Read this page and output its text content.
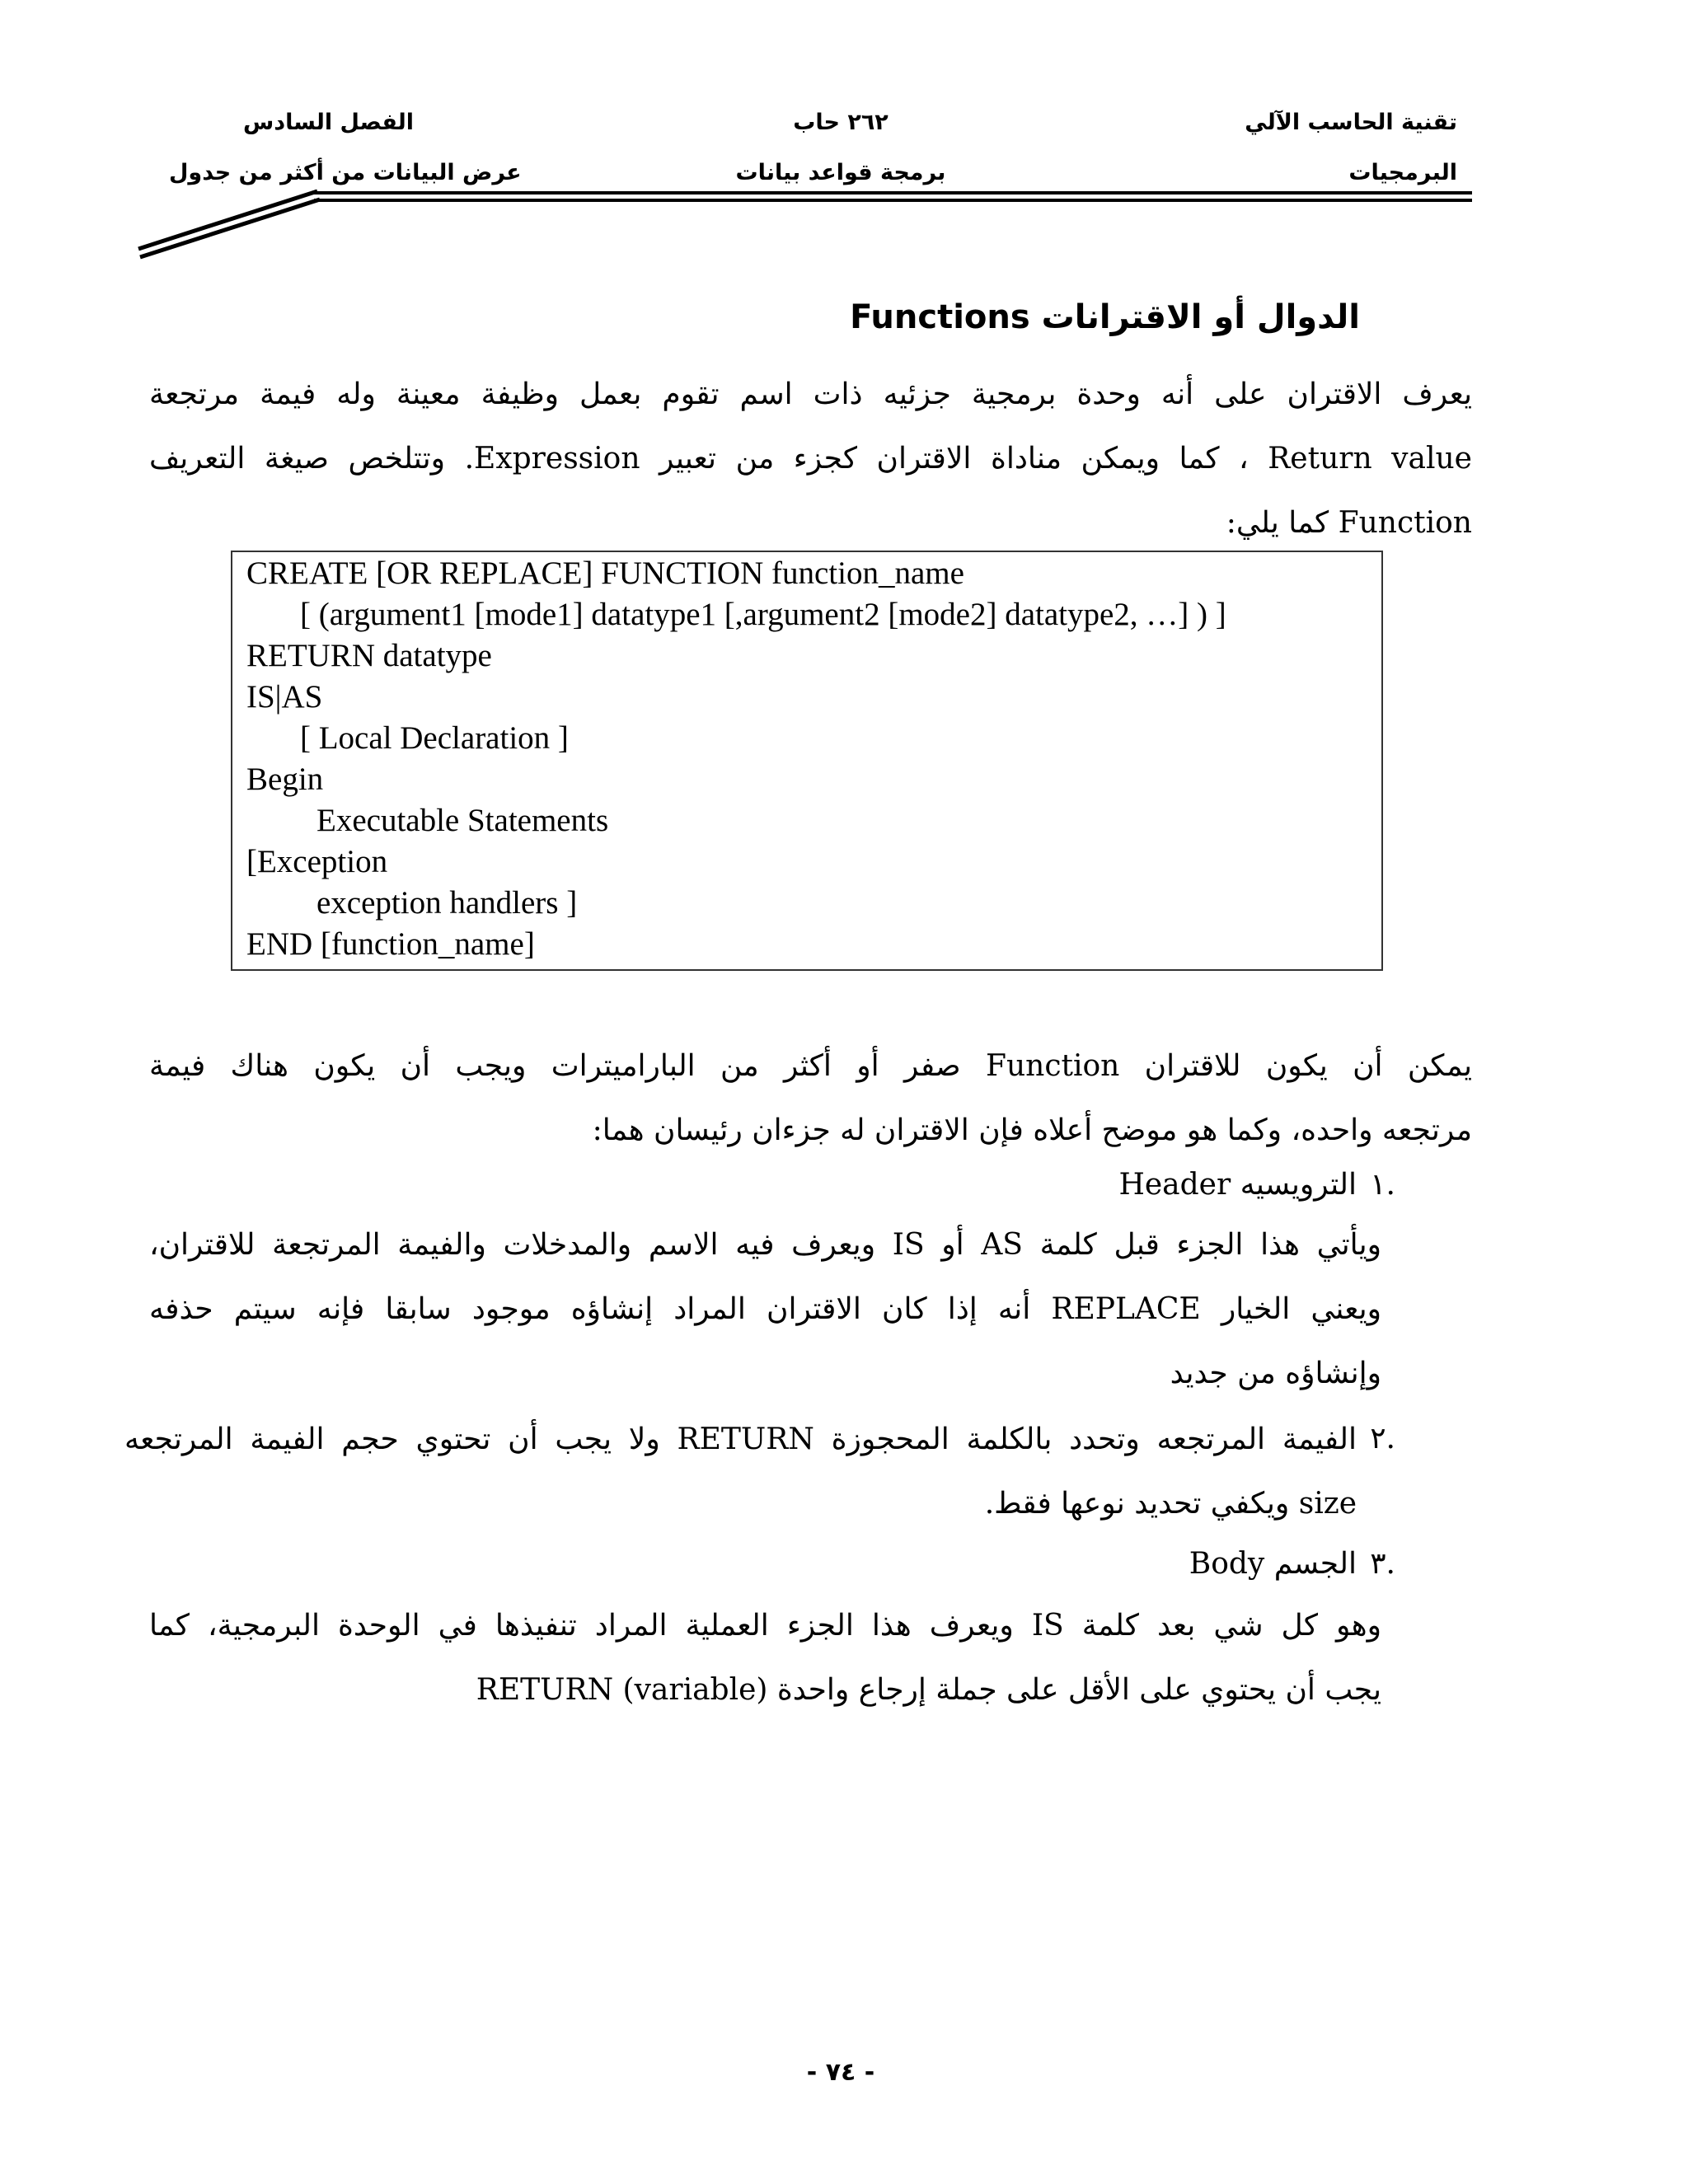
تقنية الحاسب الآلي
البرمجيات
٢٦٢ حاب
برمجة قواعد بيانات
الفصل السادس
عرض البيانات من أكثر من جدول
الدوال أو الاقترانات Functions
يعرف الاقتران على أنه وحدة برمجية جزئيه ذات اسم تقوم بعمل وظيفة معينة وله فيمة مرتجعة
Return value ، كما ويمكن مناداة الاقتران كجزء من تعبير Expression. وتتلخص صيغة التعريف
Function كما يلي:
CREATE [OR REPLACE] FUNCTION function_name
[ (argument1 [mode1] datatype1 [,argument2 [mode2] datatype2, …] ) ]
RETURN datatype
IS|AS
[ Local Declaration ]
Begin
Executable Statements
[Exception
exception handlers ]
END [function_name]
يمكن أن يكون للاقتران Function صفر أو أكثر من الباراميترات ويجب أن يكون هناك فيمة
مرتجعه واحده، وكما هو موضح أعلاه فإن الاقتران له جزءان رئيسان هما:
١.
الترويسيه Header
ويأتي هذا الجزء قبل كلمة AS أو IS ويعرف فيه الاسم والمدخلات والفيمة المرتجعة للاقتران،
ويعني الخيار REPLACE أنه إذا كان الاقتران المراد إنشاؤه موجود سابقا فإنه سيتم حذفه
وإنشاؤه من جديد
٢.
الفيمة المرتجعه وتحدد بالكلمة المحجوزة RETURN ولا يجب أن تحتوي حجم الفيمة المرتجعه
size ويكفي تحديد نوعها فقط.
٣.
الجسم Body
وهو كل شي بعد كلمة IS ويعرف هذا الجزء العملية المراد تنفيذها في الوحدة البرمجية، كما
يجب أن يحتوي على الأقل على جملة إرجاع واحدة (RETURN (variable
- ٧٤ -
